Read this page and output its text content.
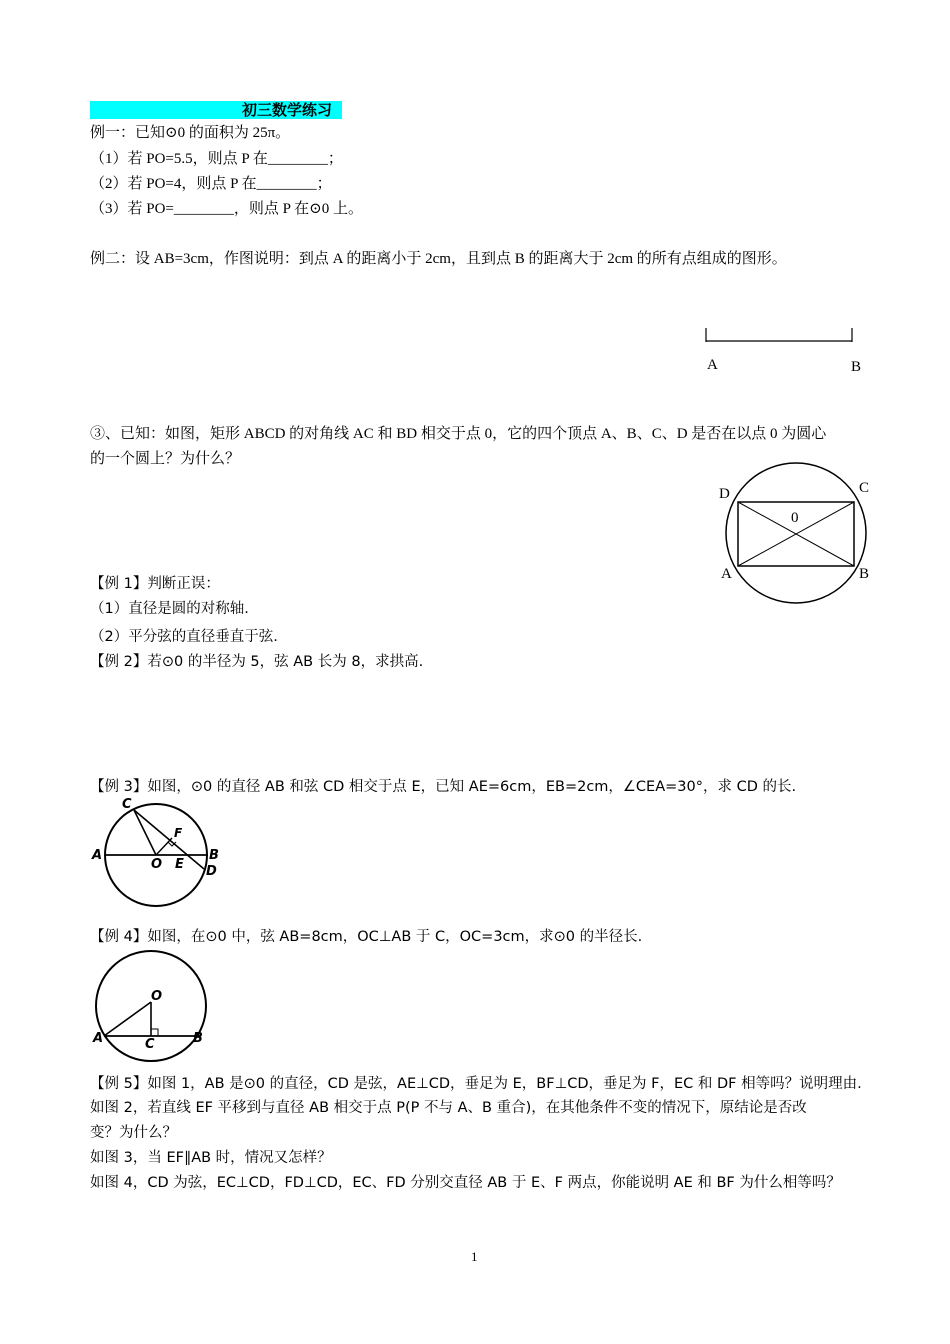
初三数学练习
例一：已知⊙0 的面积为 25π。
（1）若 PO=5.5，则点 P 在________；
（2）若 PO=4，则点 P 在________；
（3）若 PO=________，则点 P 在⊙0 上。
例二：设 AB=3cm，作图说明：到点 A 的距离小于 2cm，且到点 B 的距离大于 2cm 的所有点组成的图形。
A	B
③、已知：如图，矩形 ABCD 的对角线 AC 和 BD 相交于点 0，它的四个顶点 A、B、C、D 是否在以点 0 为圆心
的一个圆上？为什么？
D	C
0
A	B
【例 1】判断正误：
（1）直径是圆的对称轴.
（2）平分弦的直径垂直于弦.
【例 2】若⊙0 的半径为 5，弦 AB 长为 8，求拱高.
【例 3】如图，⊙0 的直径 AB 和弦 CD 相交于点 E，已知 AE=6cm，EB=2cm，∠CEA=30°，求 CD 的长.
C
F
A
O E
B
D
【例 4】如图，在⊙0 中，弦 AB=8cm，OC⊥AB 于 C，OC=3cm，求⊙0 的半径长.
O
A	C	B
【例 5】如图 1，AB 是⊙0 的直径，CD 是弦，AE⊥CD，垂足为 E，BF⊥CD，垂足为 F，EC 和 DF 相等吗？说明理由.
如图 2，若直线 EF 平移到与直径 AB 相交于点 P(P 不与 A、B 重合)，在其他条件不变的情况下，原结论是否改
变？为什么？
如图 3，当 EF∥AB 时，情况又怎样？
如图 4，CD 为弦，EC⊥CD，FD⊥CD，EC、FD 分别交直径 AB 于 E、F 两点，你能说明 AE 和 BF 为什么相等吗？
1
